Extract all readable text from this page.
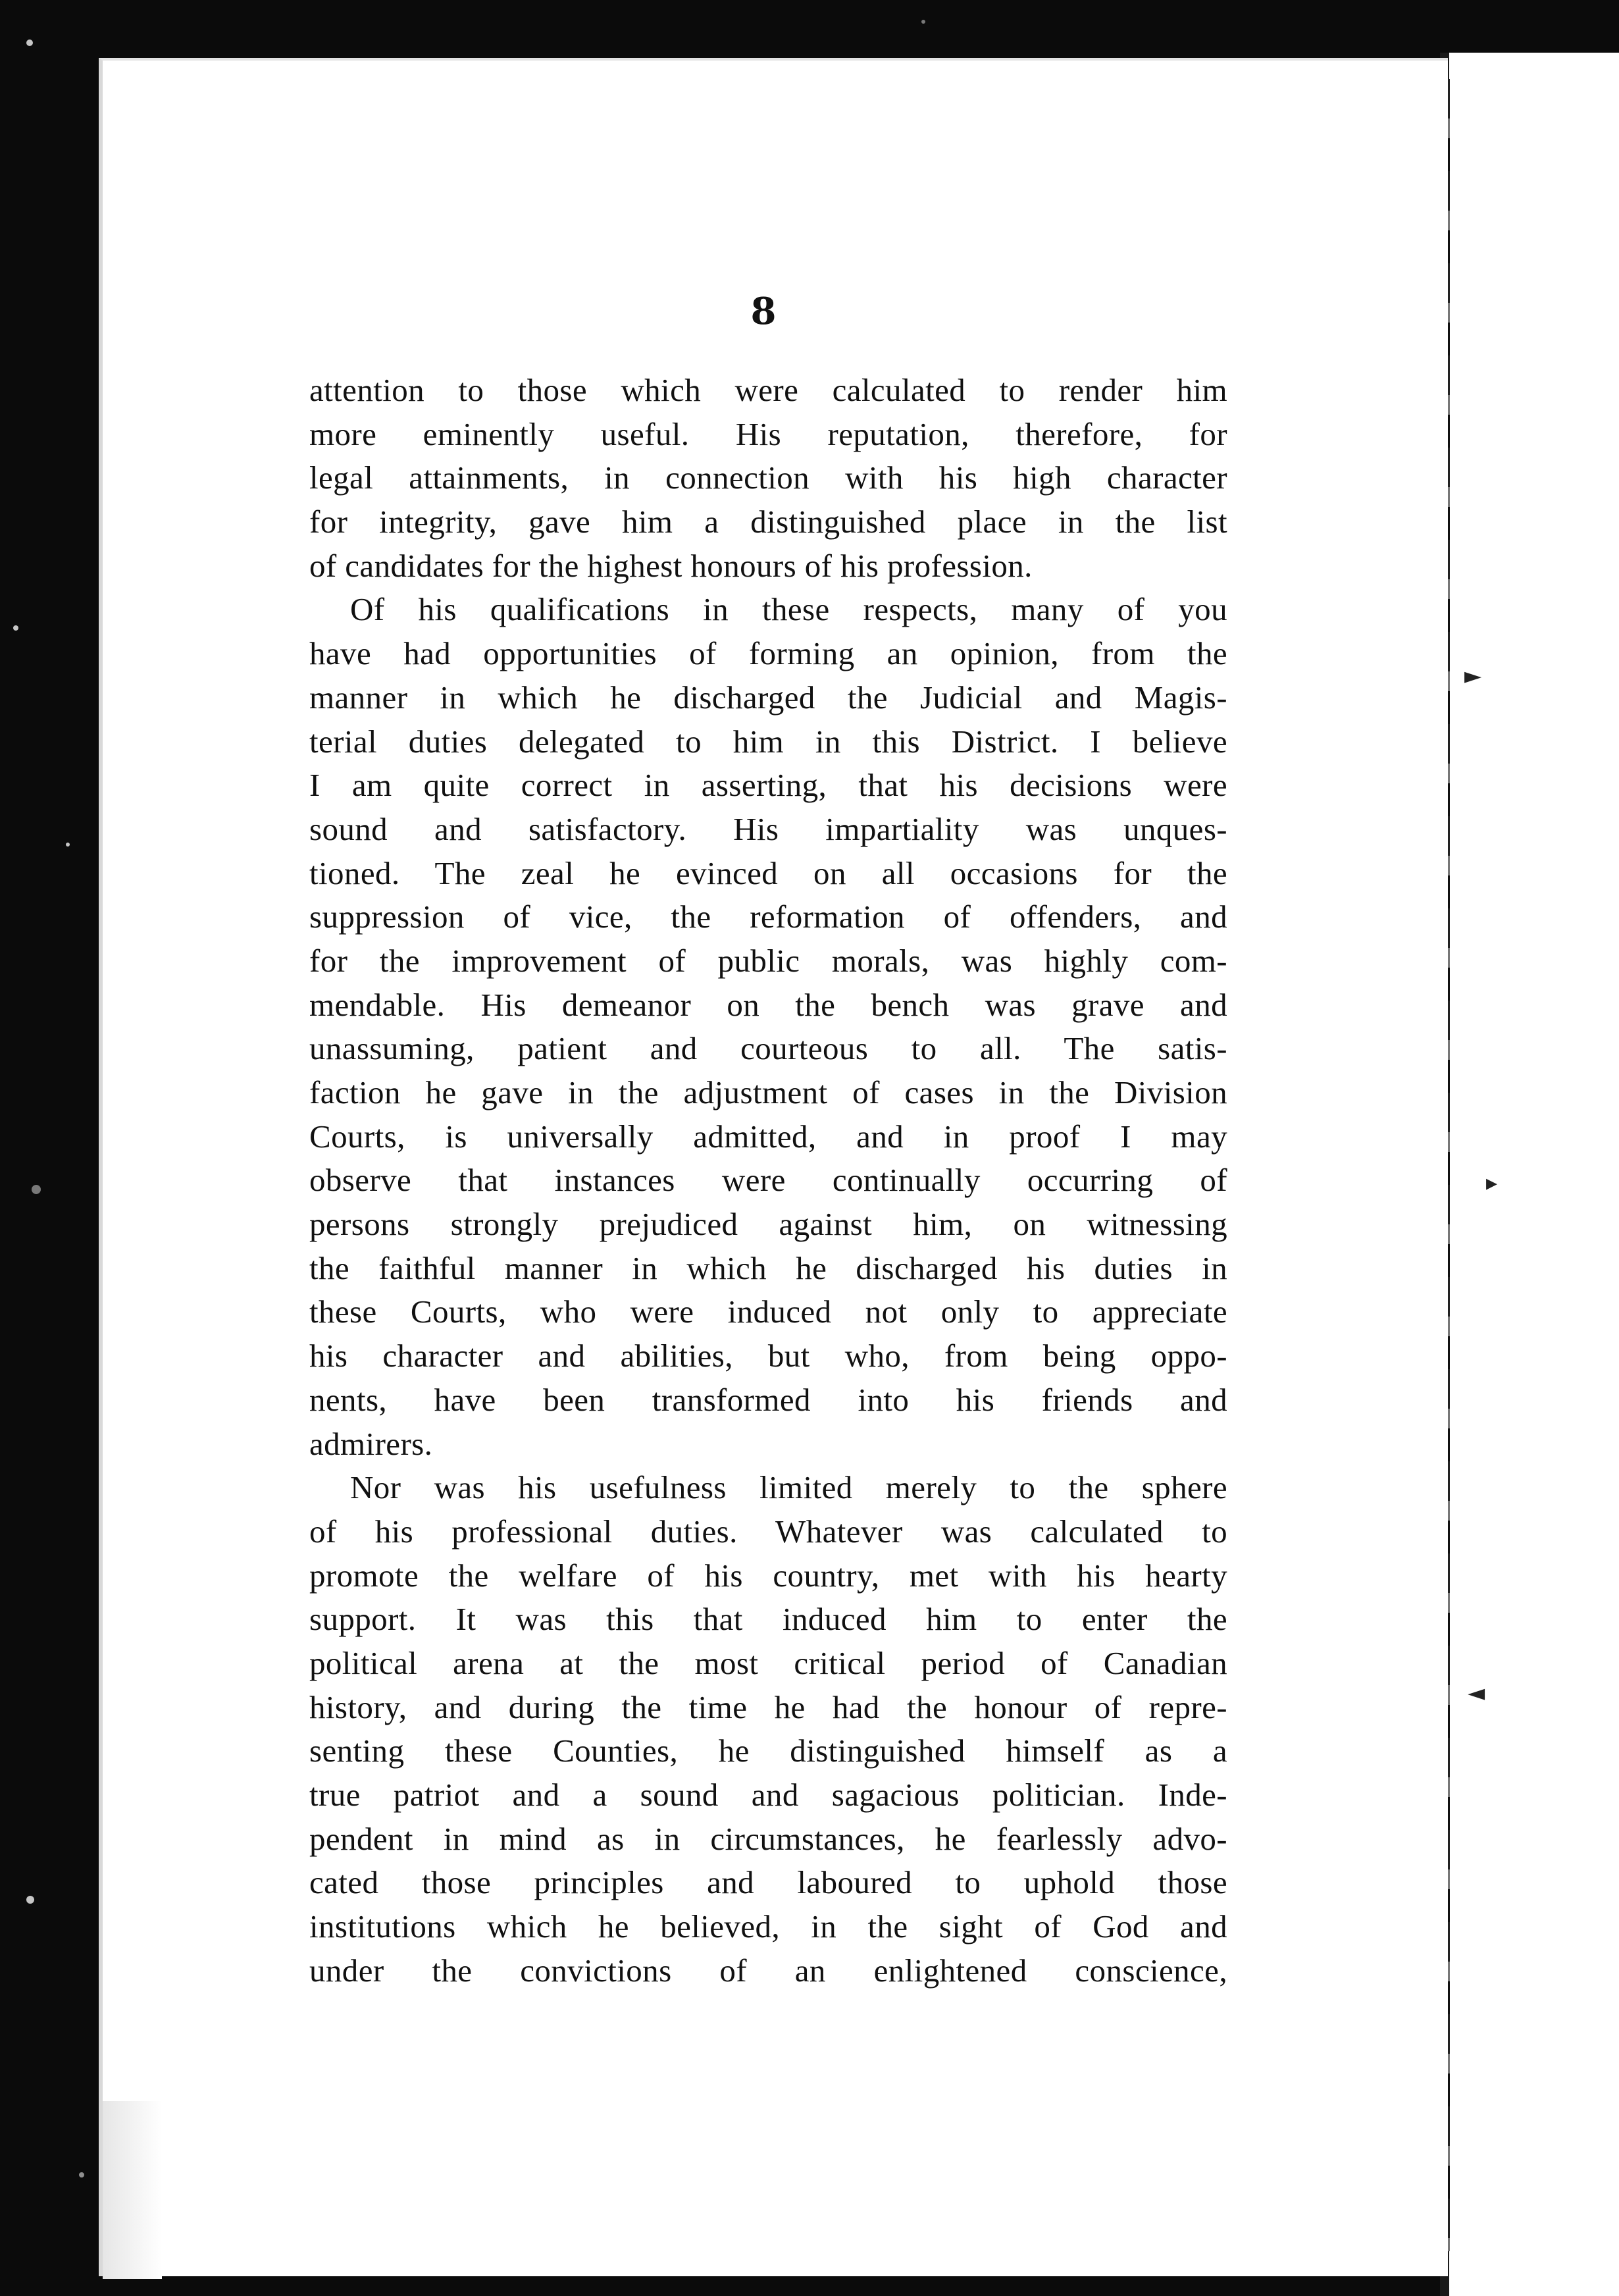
►
▸
◄
8
attention to those which were calculated to render him
more eminently useful. His reputation, therefore, for
legal attainments, in connection with his high character
for integrity, gave him a distinguished place in the list
of candidates for the highest honours of his profession.
Of his qualifications in these respects, many of you
have had opportunities of forming an opinion, from the
manner in which he discharged the Judicial and Magis-
terial duties delegated to him in this District. I believe
I am quite correct in asserting, that his decisions were
sound and satisfactory. His impartiality was unques-
tioned. The zeal he evinced on all occasions for the
suppression of vice, the reformation of offenders, and
for the improvement of public morals, was highly com-
mendable. His demeanor on the bench was grave and
unassuming, patient and courteous to all. The satis-
faction he gave in the adjustment of cases in the Division
Courts, is universally admitted, and in proof I may
observe that instances were continually occurring of
persons strongly prejudiced against him, on witnessing
the faithful manner in which he discharged his duties in
these Courts, who were induced not only to appreciate
his character and abilities, but who, from being oppo-
nents, have been transformed into his friends and
admirers.
Nor was his usefulness limited merely to the sphere
of his professional duties. Whatever was calculated to
promote the welfare of his country, met with his hearty
support. It was this that induced him to enter the
political arena at the most critical period of Canadian
history, and during the time he had the honour of repre-
senting these Counties, he distinguished himself as a
true patriot and a sound and sagacious politician. Inde-
pendent in mind as in circumstances, he fearlessly advo-
cated those principles and laboured to uphold those
institutions which he believed, in the sight of God and
under the convictions of an enlightened conscience,
